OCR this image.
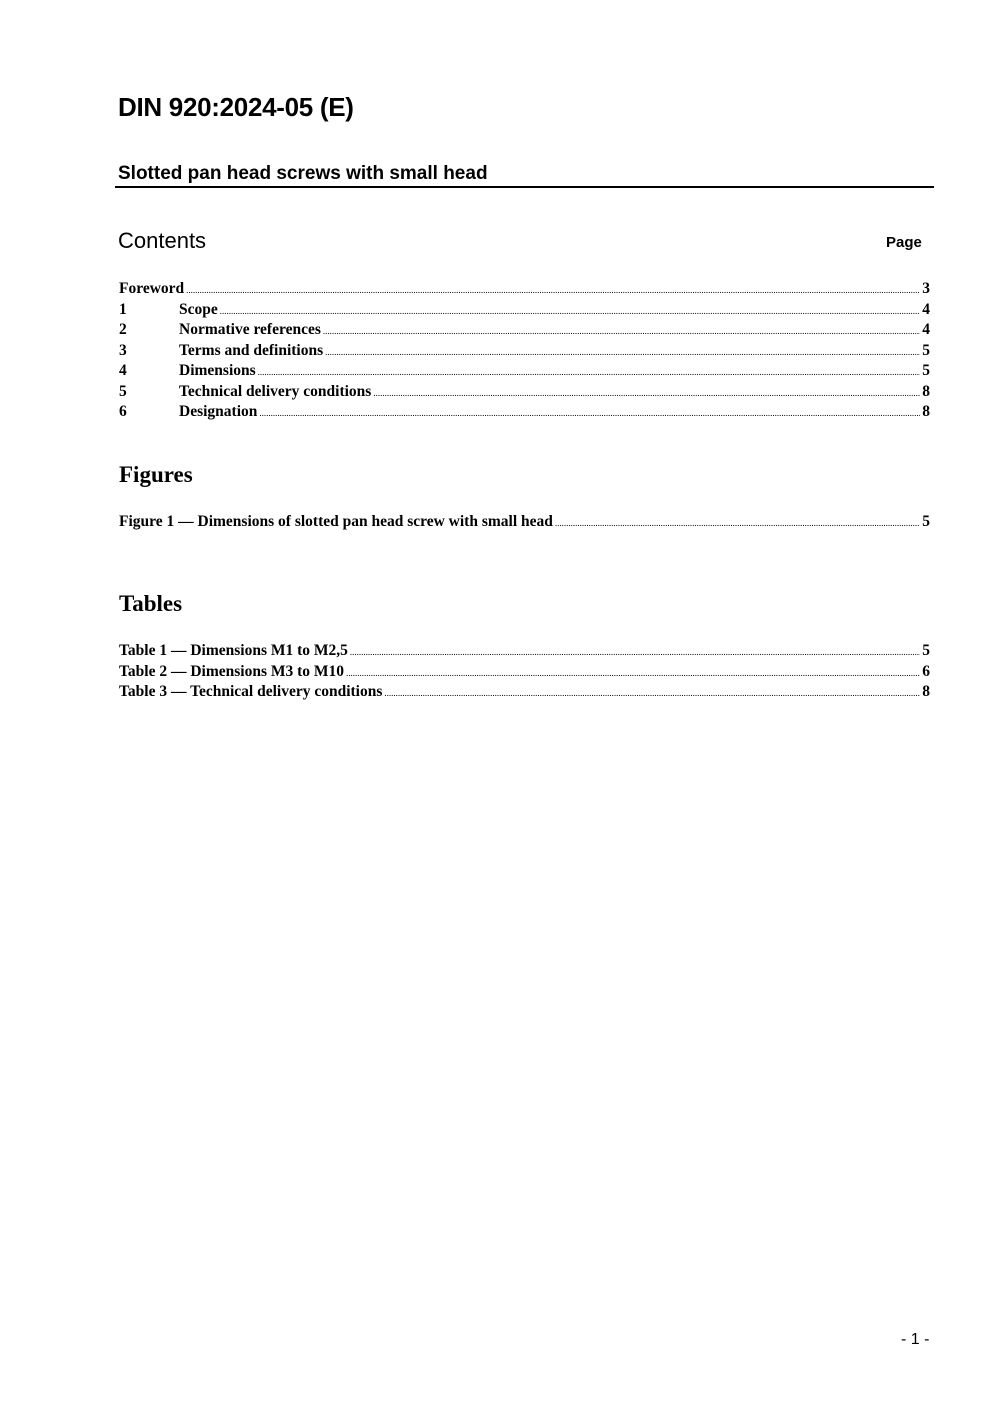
DIN 920:2024-05 (E)
Slotted pan head screws with small head
Contents	Page
Foreword .....	3
1	Scope .....	4
2	Normative references .....	4
3	Terms and definitions .....	5
4	Dimensions .....	5
5	Technical delivery conditions .....	8
6	Designation .....	8
Figures
Figure 1 — Dimensions of slotted pan head screw with small head .....	5
Tables
Table 1 — Dimensions M1 to M2,5 .....	5
Table 2 — Dimensions M3 to M10 .....	6
Table 3 — Technical delivery conditions .....	8
- 1 -
